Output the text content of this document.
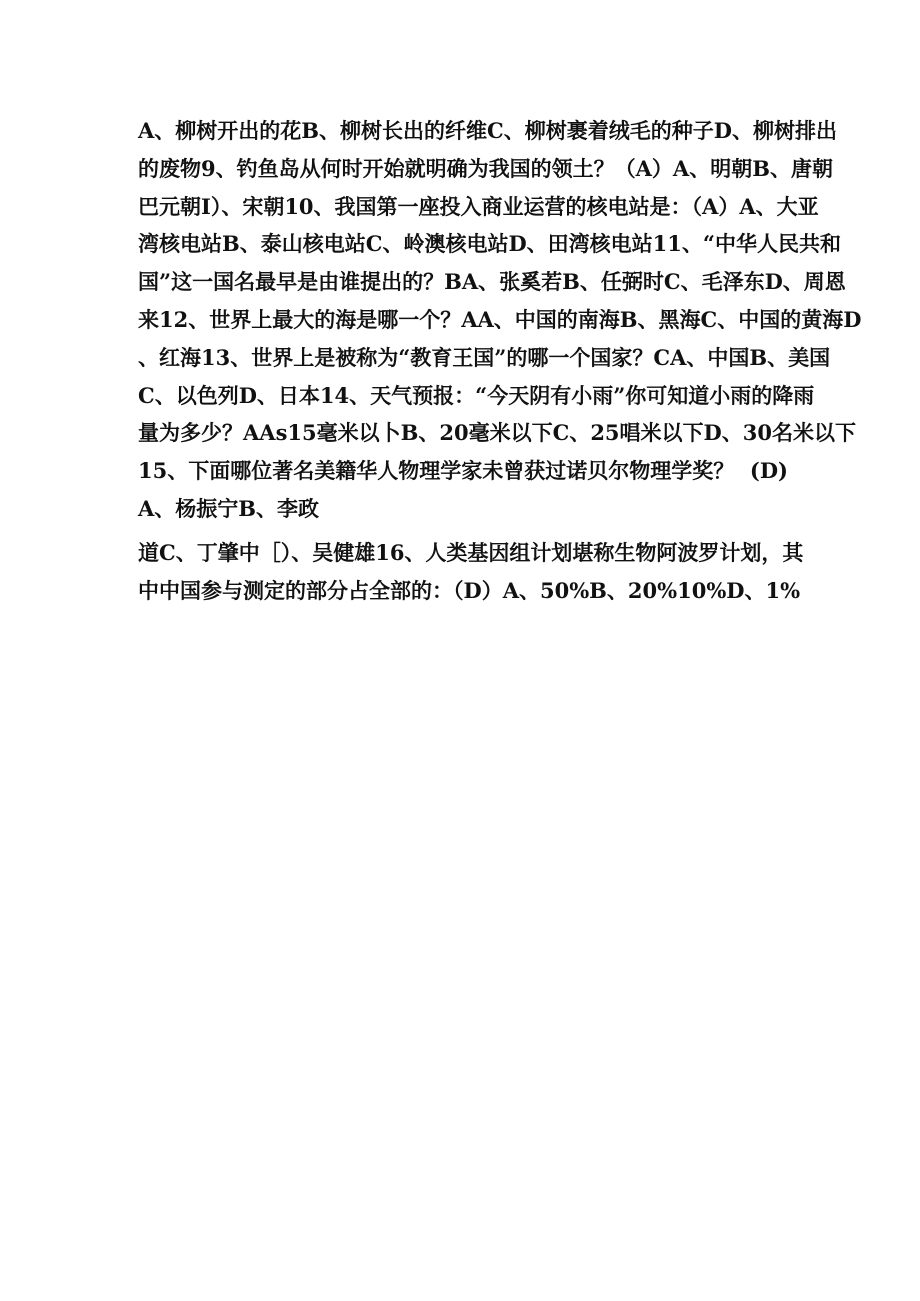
A、柳树开出的花B、柳树长出的纤维C、柳树裹着绒毛的种子D、柳树排出
的废物9、钓鱼岛从何时开始就明确为我国的领土？（A）A、明朝B、唐朝
巴元朝I）、宋朝10、我国第一座投入商业运营的核电站是：（A）A、大亚
湾核电站B、泰山核电站C、岭澳核电站D、田湾核电站11、“中华人民共和
国”这一国名最早是由谁提出的？BA、张奚若B、任弼时C、毛泽东D、周恩
来12、世界上最大的海是哪一个？AA、中国的南海B、黑海C、中国的黄海D
、红海13、世界上是被称为“教育王国”的哪一个国家？CA、中国B、美国
C、以色列D、日本14、天气预报：“今天阴有小雨”你可知道小雨的降雨
量为多少？AAs15毫米以卜B、20毫米以下C、25唱米以下D、30名米以下
15、下面哪位著名美籍华人物理学家未曾获过诺贝尔物理学奖？ (D)
A、杨振宁B、李政
道C、丁肇中［）、吴健雄16、人类基因组计划堪称生物阿波罗计划，其
中中国参与测定的部分占全部的：（D）A、50%B、20%10%D、1%
